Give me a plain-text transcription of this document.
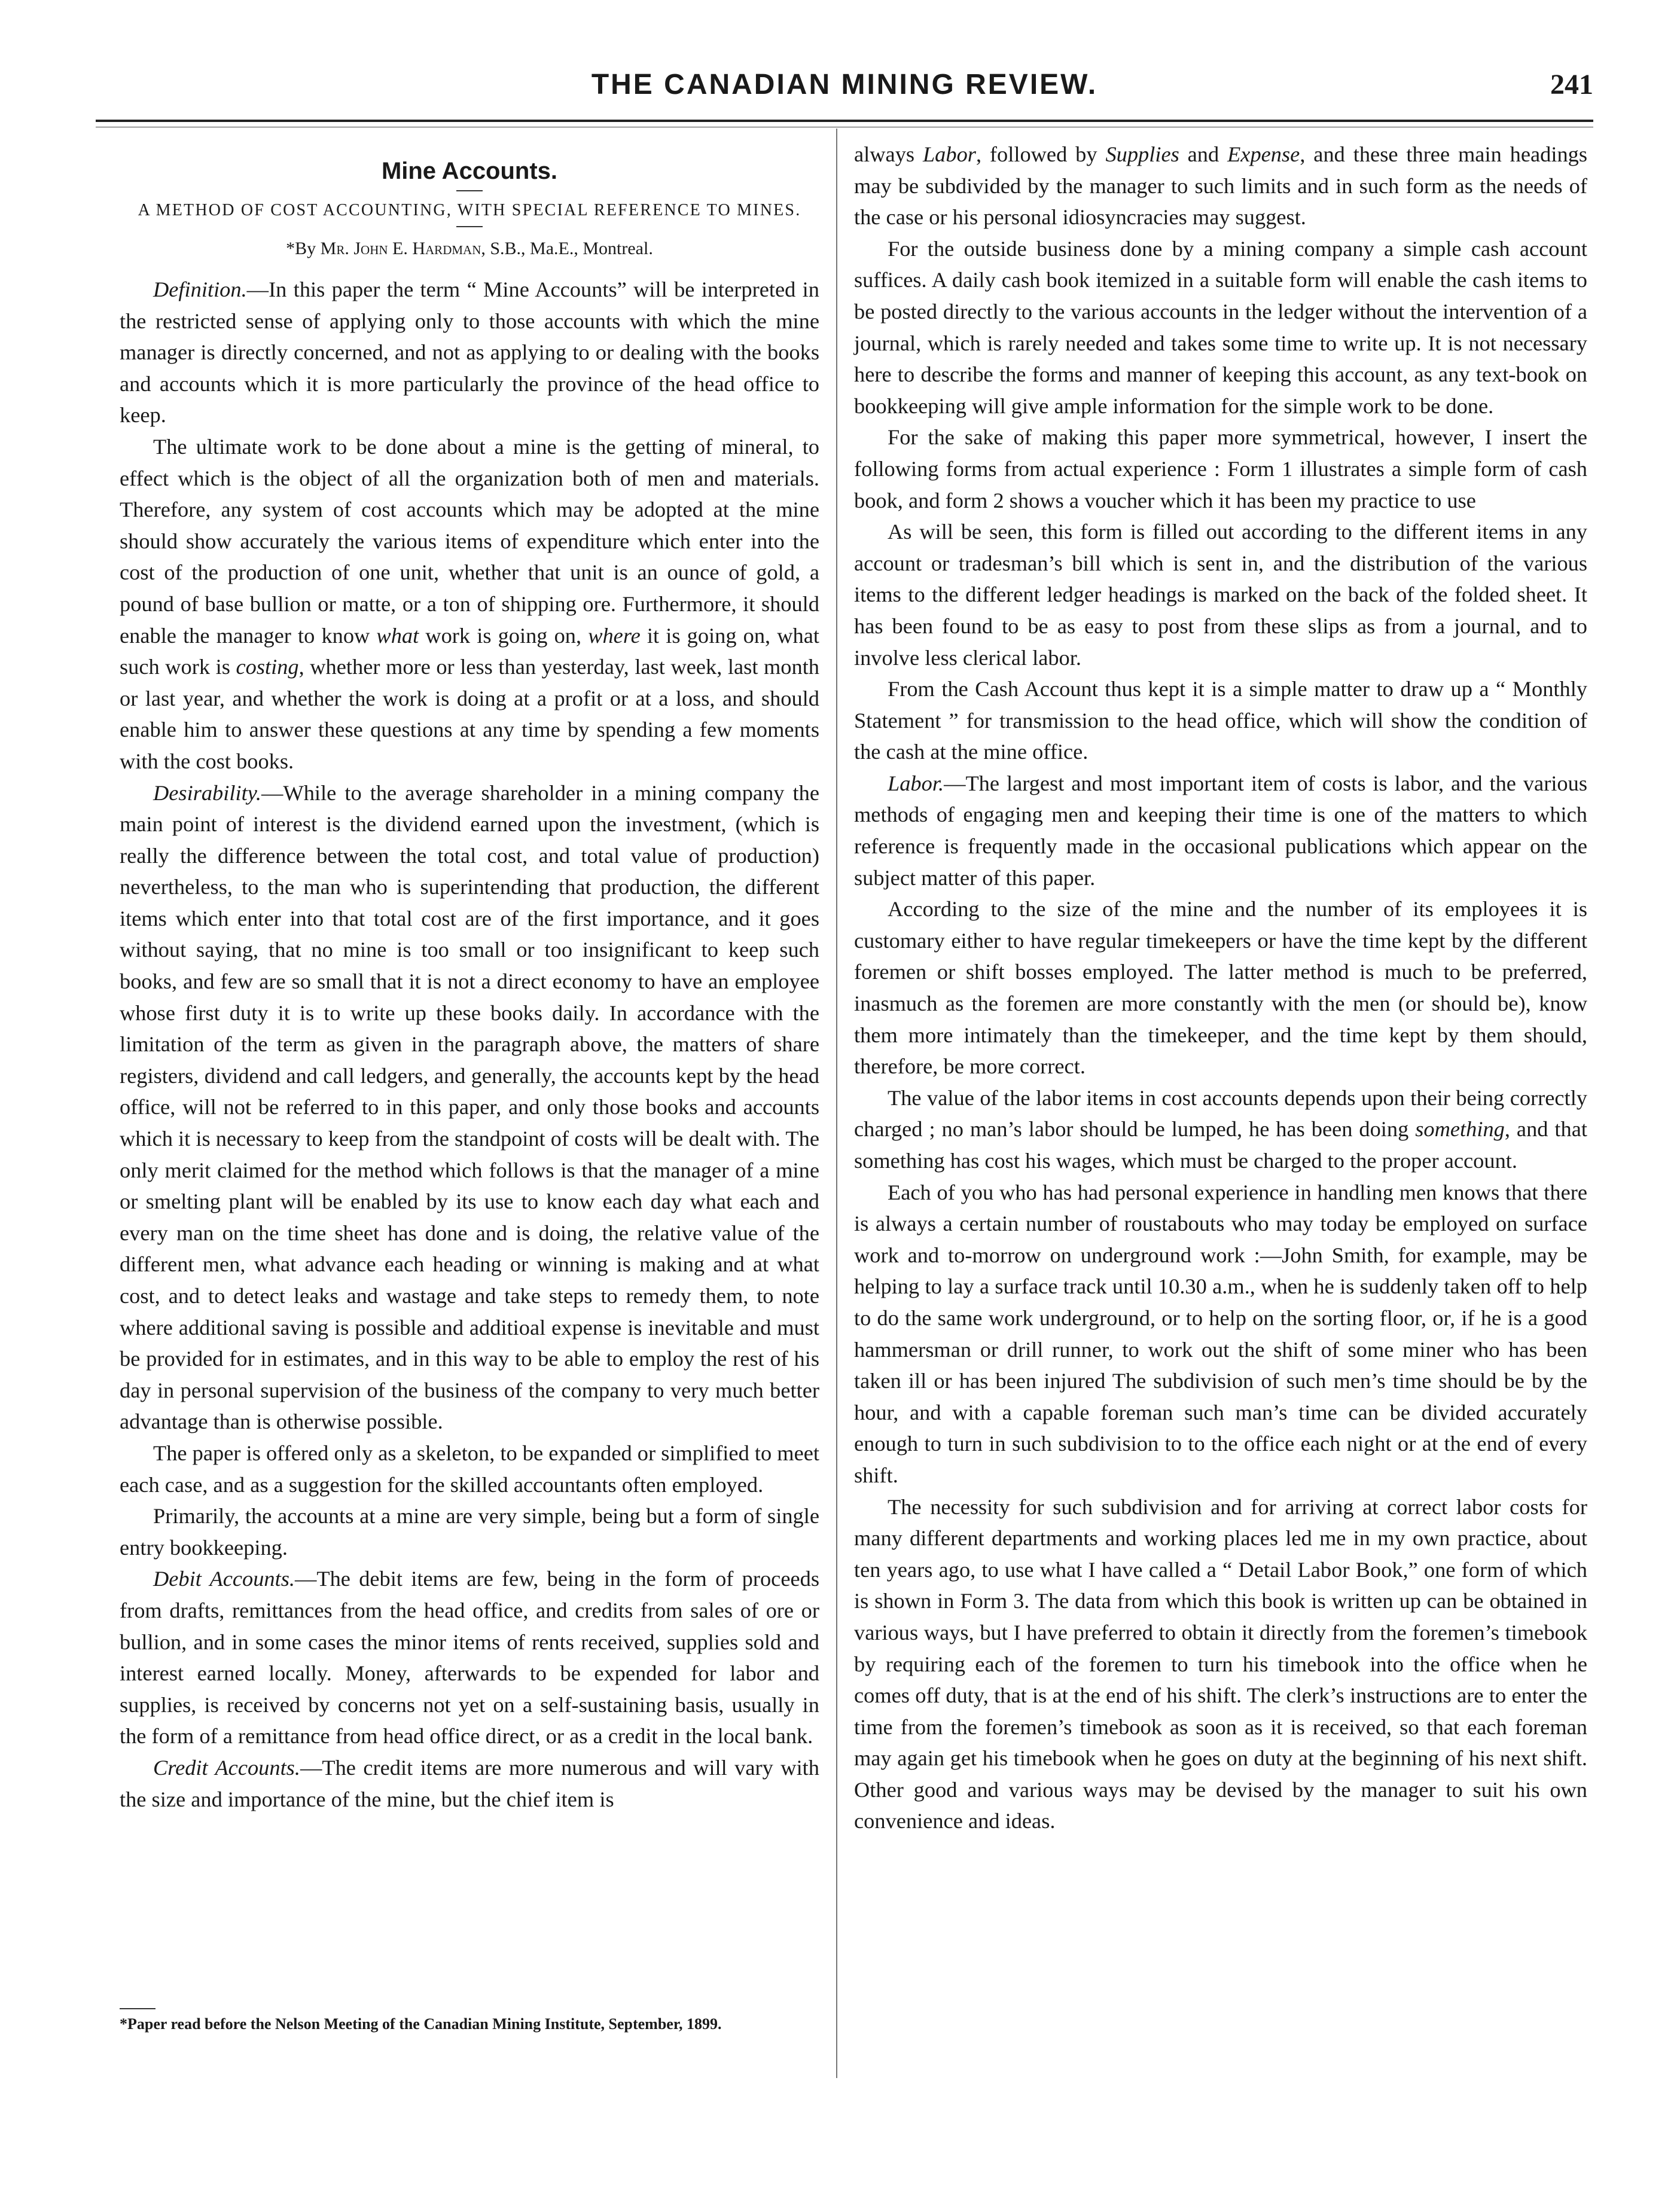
THE CANADIAN MINING REVIEW.	241
Mine Accounts.
A METHOD OF COST ACCOUNTING, WITH SPECIAL REFERENCE TO MINES.
*By Mr. John E. Hardman, S.B., Ma.E., Montreal.

Definition.—In this paper the term “ Mine Accounts” will be interpreted in the restricted sense of applying only to those accounts with which the mine manager is directly concerned, and not as applying to or dealing with the books and accounts which it is more particularly the province of the head office to keep.

The ultimate work to be done about a mine is the getting of mineral, to effect which is the object of all the organization both of men and materials. Therefore, any system of cost accounts which may be adopted at the mine should show accurately the various items of expenditure which enter into the cost of the production of one unit, whether that unit is an ounce of gold, a pound of base bullion or matte, or a ton of shipping ore. Furthermore, it should enable the manager to know what work is going on, where it is going on, what such work is costing, whether more or less than yesterday, last week, last month or last year, and whether the work is doing at a profit or at a loss, and should enable him to answer these questions at any time by spending a few moments with the cost books.

Desirability.—While to the average shareholder in a mining company the main point of interest is the dividend earned upon the investment, (which is really the difference between the total cost, and total value of production) nevertheless, to the man who is superintending that production, the different items which enter into that total cost are of the first importance, and it goes without saying, that no mine is too small or too insignificant to keep such books, and few are so small that it is not a direct economy to have an employee whose first duty it is to write up these books daily. In accordance with the limitation of the term as given in the paragraph above, the matters of share registers, dividend and call ledgers, and generally, the accounts kept by the head office, will not be referred to in this paper, and only those books and accounts which it is necessary to keep from the standpoint of costs will be dealt with. The only merit claimed for the method which follows is that the manager of a mine or smelting plant will be enabled by its use to know each day what each and every man on the time sheet has done and is doing, the relative value of the different men, what advance each heading or winning is making and at what cost, and to detect leaks and wastage and take steps to remedy them, to note where additional saving is possible and additioal expense is inevitable and must be provided for in estimates, and in this way to be able to employ the rest of his day in personal supervision of the business of the company to very much better advantage than is otherwise possible.

The paper is offered only as a skeleton, to be expanded or simplified to meet each case, and as a suggestion for the skilled accountants often employed.

Primarily, the accounts at a mine are very simple, being but a form of single entry bookkeeping.

Debit Accounts.—The debit items are few, being in the form of proceeds from drafts, remittances from the head office, and credits from sales of ore or bullion, and in some cases the minor items of rents received, supplies sold and interest earned locally. Money, afterwards to be expended for labor and supplies, is received by concerns not yet on a self-sustaining basis, usually in the form of a remittance from head office direct, or as a credit in the local bank.

Credit Accounts.—The credit items are more numerous and will vary with the size and importance of the mine, but the chief item is

*Paper read before the Nelson Meeting of the Canadian Mining Institute, September, 1899.

always Labor, followed by Supplies and Expense, and these three main headings may be subdivided by the manager to such limits and in such form as the needs of the case or his personal idiosyncracies may suggest.

For the outside business done by a mining company a simple cash account suffices. A daily cash book itemized in a suitable form will enable the cash items to be posted directly to the various accounts in the ledger without the intervention of a journal, which is rarely needed and takes some time to write up. It is not necessary here to describe the forms and manner of keeping this account, as any text-book on bookkeeping will give ample information for the simple work to be done.

For the sake of making this paper more symmetrical, however, I insert the following forms from actual experience : Form 1 illustrates a simple form of cash book, and form 2 shows a voucher which it has been my practice to use

As will be seen, this form is filled out according to the different items in any account or tradesman’s bill which is sent in, and the distribution of the various items to the different ledger headings is marked on the back of the folded sheet. It has been found to be as easy to post from these slips as from a journal, and to involve less clerical labor.

From the Cash Account thus kept it is a simple matter to draw up a “ Monthly Statement ” for transmission to the head office, which will show the condition of the cash at the mine office.

Labor.—The largest and most important item of costs is labor, and the various methods of engaging men and keeping their time is one of the matters to which reference is frequently made in the occasional publications which appear on the subject matter of this paper.

According to the size of the mine and the number of its employees it is customary either to have regular timekeepers or have the time kept by the different foremen or shift bosses employed. The latter method is much to be preferred, inasmuch as the foremen are more constantly with the men (or should be), know them more intimately than the timekeeper, and the time kept by them should, therefore, be more correct.

The value of the labor items in cost accounts depends upon their being correctly charged ; no man’s labor should be lumped, he has been doing something, and that something has cost his wages, which must be charged to the proper account.

Each of you who has had personal experience in handling men knows that there is always a certain number of roustabouts who may today be employed on surface work and to-morrow on underground work :—John Smith, for example, may be helping to lay a surface track until 10.30 a.m., when he is suddenly taken off to help to do the same work underground, or to help on the sorting floor, or, if he is a good hammersman or drill runner, to work out the shift of some miner who has been taken ill or has been injured The subdivision of such men’s time should be by the hour, and with a capable foreman such man’s time can be divided accurately enough to turn in such subdivision to to the office each night or at the end of every shift.

The necessity for such subdivision and for arriving at correct labor costs for many different departments and working places led me in my own practice, about ten years ago, to use what I have called a “ Detail Labor Book,” one form of which is shown in Form 3. The data from which this book is written up can be obtained in various ways, but I have preferred to obtain it directly from the foremen’s timebook by requiring each of the foremen to turn his timebook into the office when he comes off duty, that is at the end of his shift. The clerk’s instructions are to enter the time from the foremen’s timebook as soon as it is received, so that each foreman may again get his timebook when he goes on duty at the beginning of his next shift. Other good and various ways may be devised by the manager to suit his own convenience and ideas.
